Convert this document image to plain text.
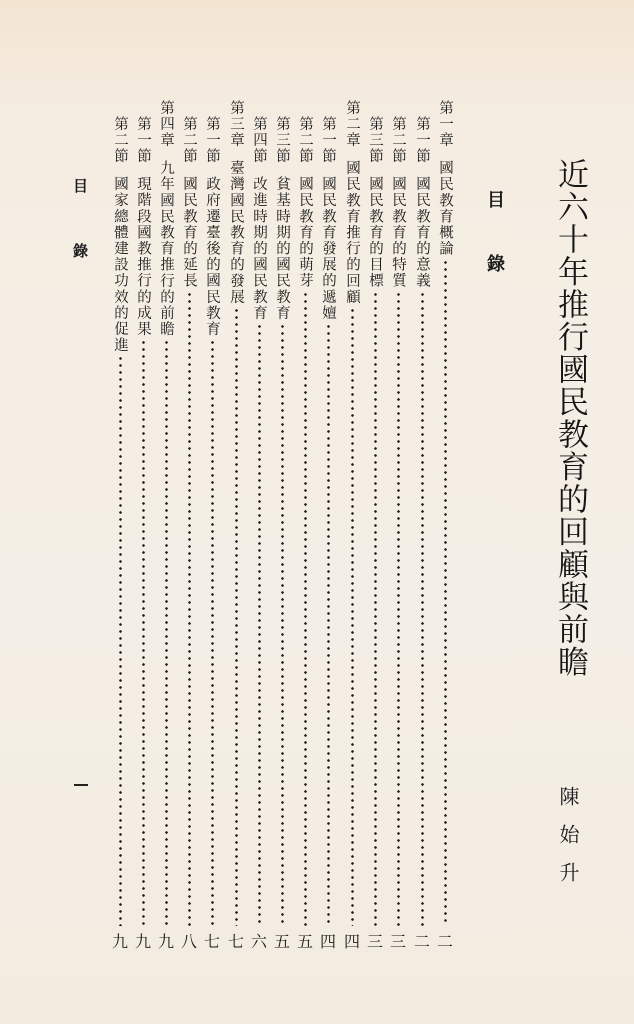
近六十年推行國民教育的回顧與前瞻
陳始升
目錄
第一章國民教育概論
二
第一節國民教育的意義
二
第二節國民教育的特質
三
第三節國民教育的目標
三
第二章國民教育推行的回顧
四
第一節國民教育發展的遞嬗
四
第二節國民教育的萌芽
五
第三節貧基時期的國民教育
五
第四節改進時期的國民教育
六
第三章臺灣國民教育的發展
七
第一節政府遷臺後的國民教育
七
第二節國民教育的延長
八
第四章九年國民教育推行的前瞻
九
第一節現階段國教推行的成果
九
第二節國家總體建設功效的促進
九
目錄
